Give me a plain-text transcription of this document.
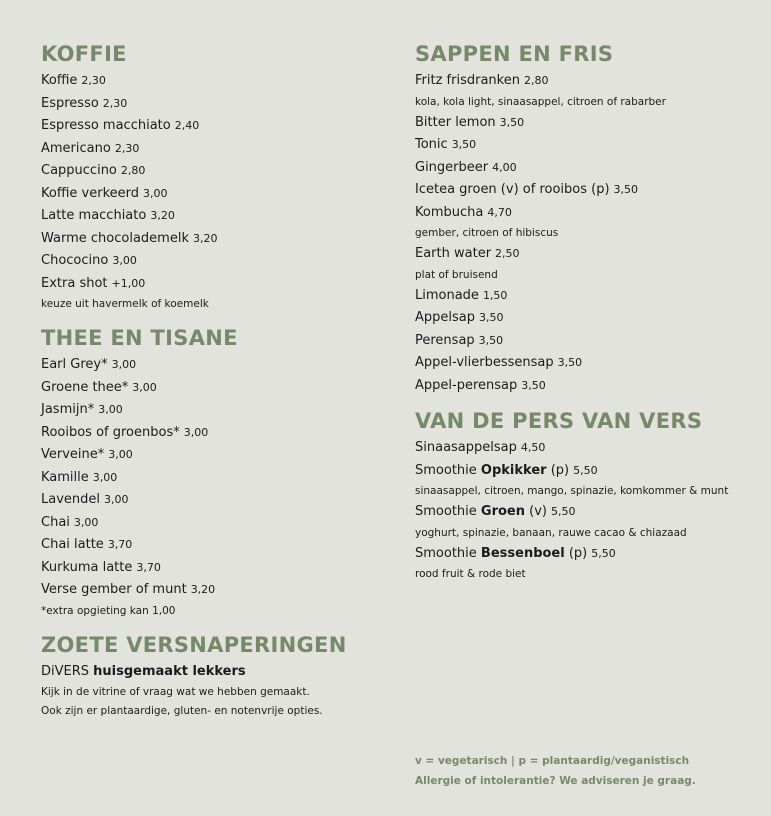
KOFFIE
Koffie 2,30
Espresso 2,30
Espresso macchiato 2,40
Americano 2,30
Cappuccino 2,80
Koffie verkeerd 3,00
Latte macchiato 3,20
Warme chocolademelk 3,20
Chococino 3,00
Extra shot +1,00
keuze uit havermelk of koemelk
THEE EN TISANE
Earl Grey* 3,00
Groene thee* 3,00
Jasmijn* 3,00
Rooibos of groenbos* 3,00
Verveine* 3,00
Kamille 3,00
Lavendel 3,00
Chai 3,00
Chai latte 3,70
Kurkuma latte 3,70
Verse gember of munt 3,20
*extra opgieting kan 1,00
ZOETE VERSNAPERINGEN
DiVERS huisgemaakt lekkers
Kijk in de vitrine of vraag wat we hebben gemaakt.
Ook zijn er plantaardige, gluten- en notenvrije opties.
SAPPEN EN FRIS
Fritz frisdranken 2,80
kola, kola light, sinaasappel, citroen of rabarber
Bitter lemon 3,50
Tonic 3,50
Gingerbeer 4,00
Icetea groen (v) of rooibos (p) 3,50
Kombucha 4,70
gember, citroen of hibiscus
Earth water 2,50
plat of bruisend
Limonade 1,50
Appelsap 3,50
Perensap 3,50
Appel-vlierbessensap 3,50
Appel-perensap 3,50
VAN DE PERS VAN VERS
Sinaasappelsap 4,50
Smoothie Opkikker (p) 5,50
sinaasappel, citroen, mango, spinazie, komkommer & munt
Smoothie Groen (v) 5,50
yoghurt, spinazie, banaan, rauwe cacao & chiazaad
Smoothie Bessenboel (p) 5,50
rood fruit & rode biet
v = vegetarisch | p = plantaardig/veganistisch
Allergie of intolerantie? We adviseren je graag.
